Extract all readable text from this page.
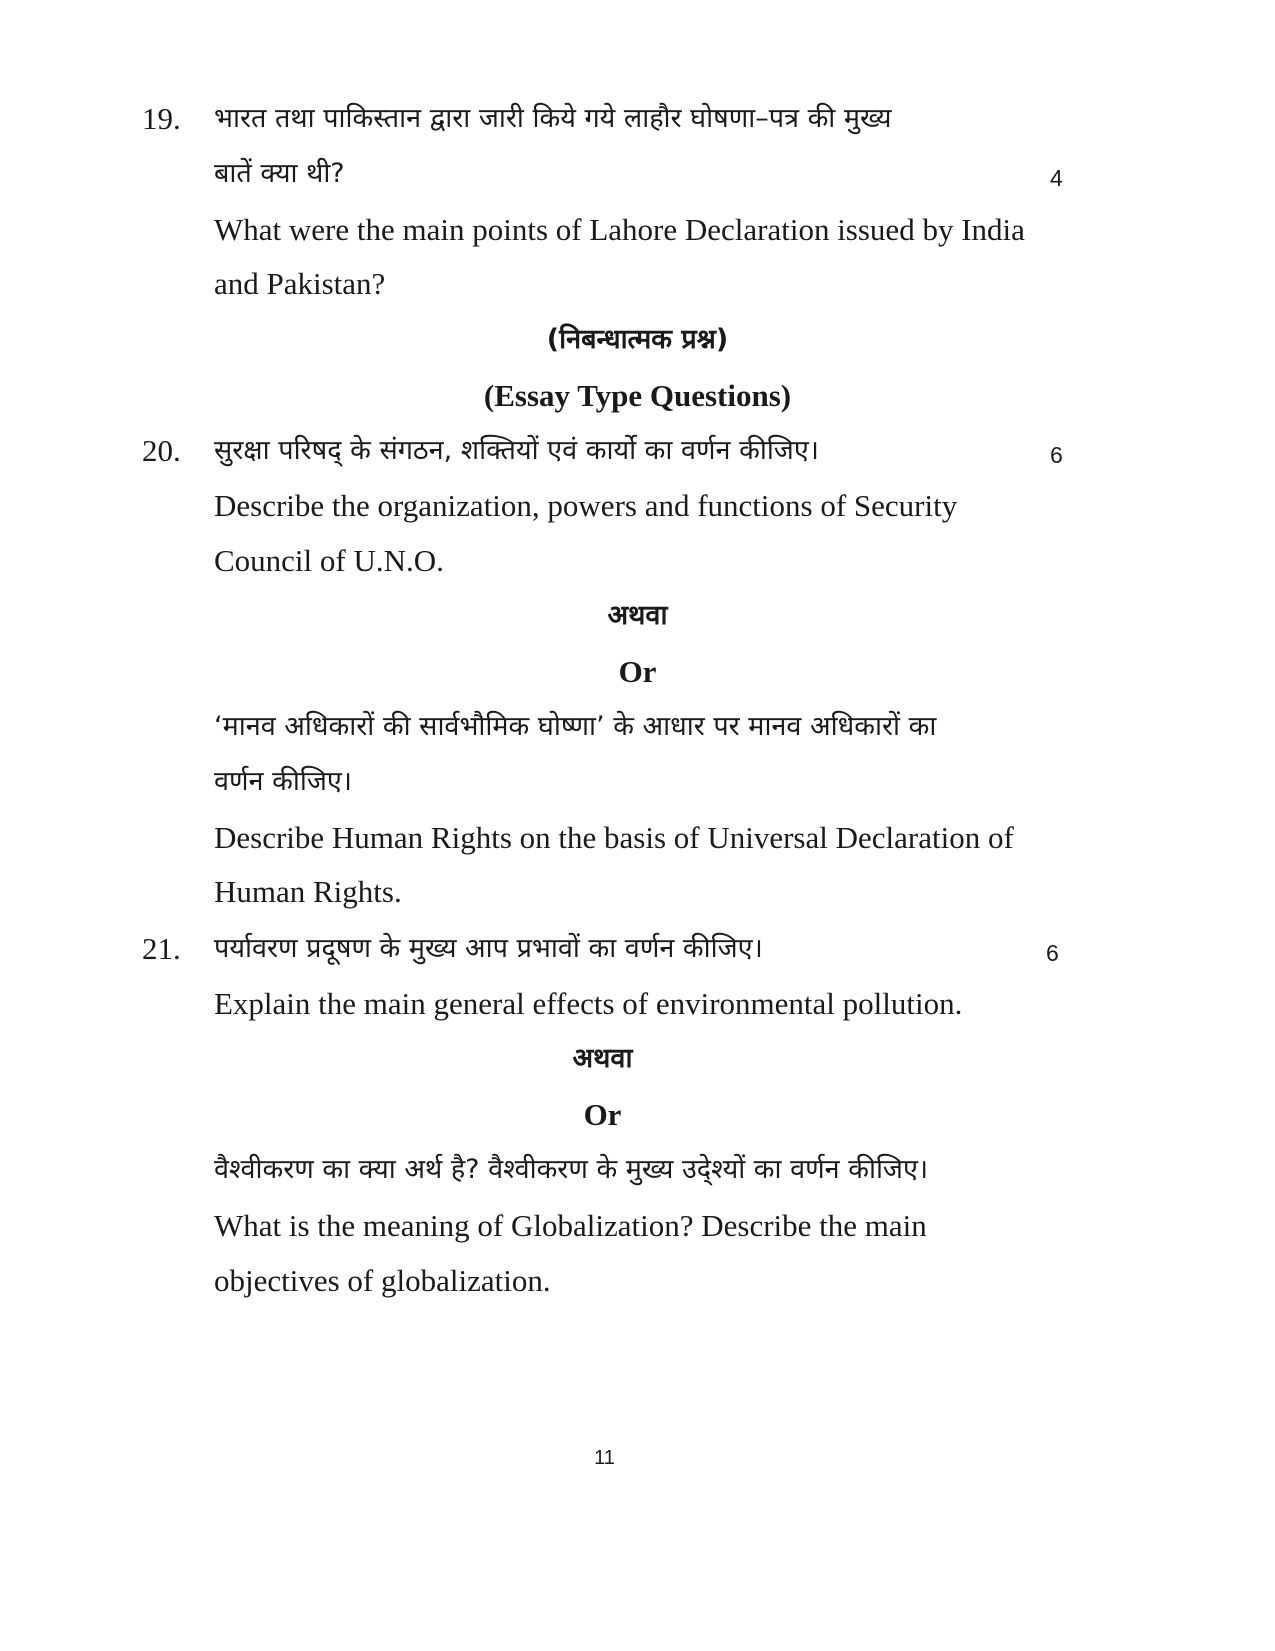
19. भारत तथा पाकिस्तान द्वारा जारी किये गये लाहौर घोषणा–पत्र की मुख्य
बातें क्या थी?	4
What were the main points of Lahore Declaration issued by India
and Pakistan?
(निबन्धात्मक प्रश्न)
(Essay Type Questions)
20. सुरक्षा परिषद् के संगठन, शक्तियों एवं कार्यो का वर्णन कीजिए।	6
Describe the organization, powers and functions of Security
Council of U.N.O.
अथवा
Or
‘मानव अधिकारों की सार्वभौमिक घोष्णा’ के आधार पर मानव अधिकारों का
वर्णन कीजिए।
Describe Human Rights on the basis of Universal Declaration of
Human Rights.
21. पर्यावरण प्रदूषण के मुख्य आप प्रभावों का वर्णन कीजिए।	6
Explain the main general effects of environmental pollution.
अथवा
Or
वैश्वीकरण का क्या अर्थ है? वैश्वीकरण के मुख्य उदे्श्यों का वर्णन कीजिए।
What is the meaning of Globalization? Describe the main
objectives of globalization.
11
